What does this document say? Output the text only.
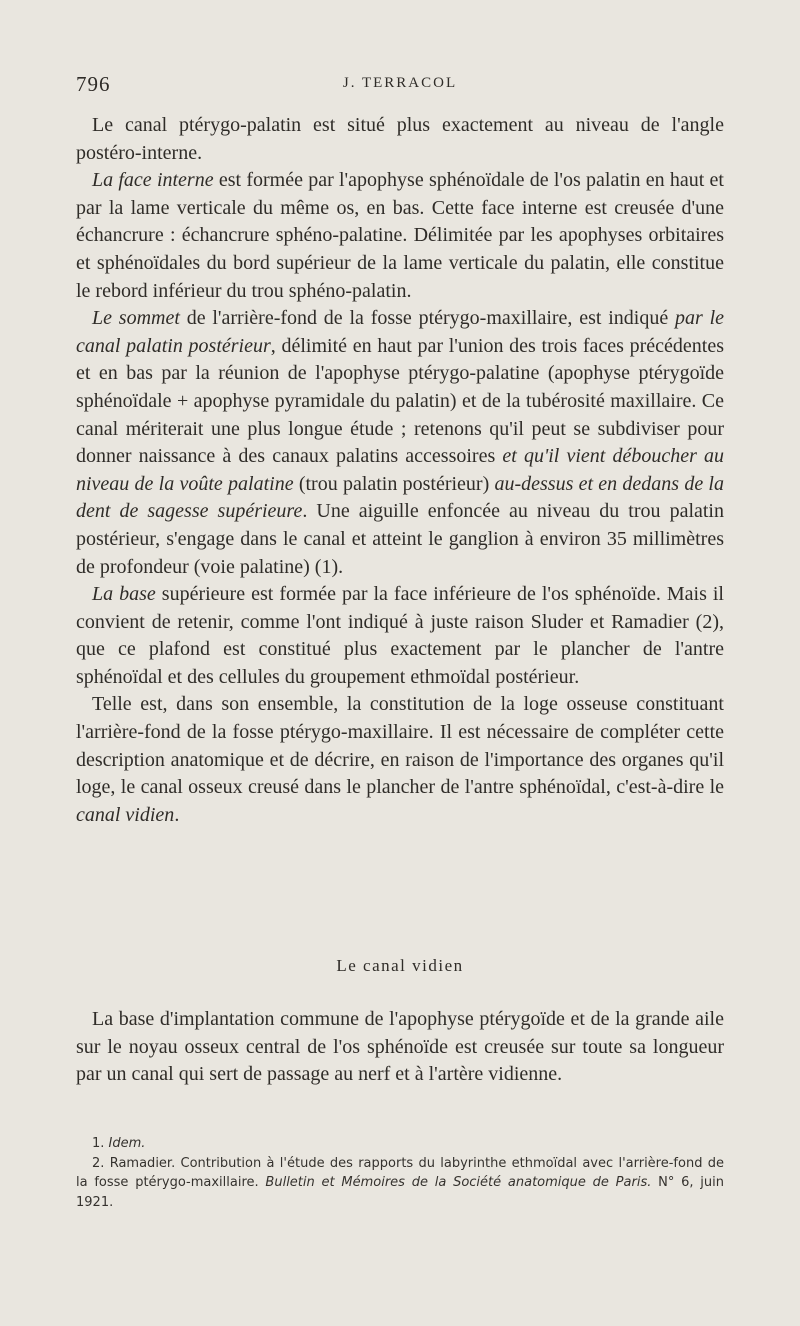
796	J. TERRACOL

Le canal ptérygo-palatin est situé plus exactement au niveau de l'angle postéro-interne.

La face interne est formée par l'apophyse sphénoïdale de l'os palatin en haut et par la lame verticale du même os, en bas. Cette face interne est creusée d'une échancrure : échancrure sphéno-palatine. Délimitée par les apophyses orbitaires et sphénoïdales du bord supérieur de la lame verticale du palatin, elle constitue le rebord inférieur du trou sphéno-palatin.

Le sommet de l'arrière-fond de la fosse ptérygo-maxillaire, est indiqué par le canal palatin postérieur, délimité en haut par l'union des trois faces précédentes et en bas par la réunion de l'apophyse ptérygo-palatine (apophyse ptérygoïde sphénoïdale + apophyse pyramidale du palatin) et de la tubérosité maxillaire. Ce canal mériterait une plus longue étude ; retenons qu'il peut se subdiviser pour donner naissance à des canaux palatins accessoires et qu'il vient déboucher au niveau de la voûte palatine (trou palatin postérieur) au-dessus et en dedans de la dent de sagesse supérieure. Une aiguille enfoncée au niveau du trou palatin postérieur, s'engage dans le canal et atteint le ganglion à environ 35 millimètres de profondeur (voie palatine) (1).

La base supérieure est formée par la face inférieure de l'os sphénoïde. Mais il convient de retenir, comme l'ont indiqué à juste raison Sluder et Ramadier (2), que ce plafond est constitué plus exactement par le plancher de l'antre sphénoïdal et des cellules du groupement ethmoïdal postérieur.

Telle est, dans son ensemble, la constitution de la loge osseuse constituant l'arrière-fond de la fosse ptérygo-maxillaire. Il est nécessaire de compléter cette description anatomique et de décrire, en raison de l'importance des organes qu'il loge, le canal osseux creusé dans le plancher de l'antre sphénoïdal, c'est-à-dire le canal vidien.

Le canal vidien

La base d'implantation commune de l'apophyse ptérygoïde et de la grande aile sur le noyau osseux central de l'os sphénoïde est creusée sur toute sa longueur par un canal qui sert de passage au nerf et à l'artère vidienne.

1. Idem.

2. Ramadier. Contribution à l'étude des rapports du labyrinthe ethmoïdal avec l'arrière-fond de la fosse ptérygo-maxillaire. Bulletin et Mémoires de la Société anatomique de Paris. N° 6, juin 1921.
